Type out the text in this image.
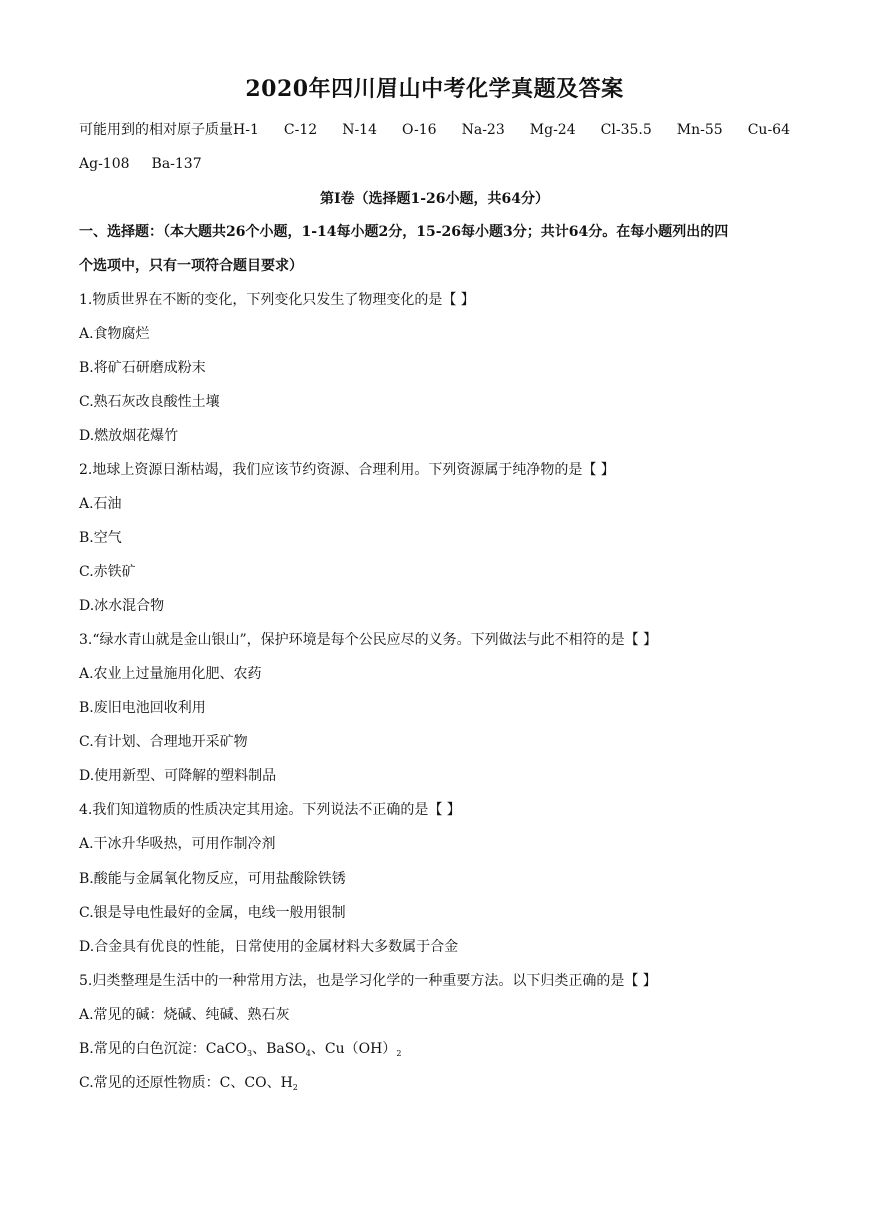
2020年四川眉山中考化学真题及答案
可能用到的相对原子质量H-1 C-12 N-14 O-16 Na-23 Mg-24 Cl-35.5 Mn-55 Cu-64
Ag-108 Ba-137
第Ⅰ卷（选择题1-26小题，共64分）
一、选择题：（本大题共26个小题，1-14每小题2分，15-26每小题3分；共计64分。在每小题列出的四
个选项中，只有一项符合题目要求）
1.物质世界在不断的变化，下列变化只发生了物理变化的是【 】
A.食物腐烂
B.将矿石研磨成粉末
C.熟石灰改良酸性土壤
D.燃放烟花爆竹
2.地球上资源日渐枯竭，我们应该节约资源、合理利用。下列资源属于纯净物的是【 】
A.石油
B.空气
C.赤铁矿
D.冰水混合物
3.“绿水青山就是金山银山”，保护环境是每个公民应尽的义务。下列做法与此不相符的是【 】
A.农业上过量施用化肥、农药
B.废旧电池回收利用
C.有计划、合理地开采矿物
D.使用新型、可降解的塑料制品
4.我们知道物质的性质决定其用途。下列说法不正确的是【 】
A.干冰升华吸热，可用作制冷剂
B.酸能与金属氧化物反应，可用盐酸除铁锈
C.银是导电性最好的金属，电线一般用银制
D.合金具有优良的性能，日常使用的金属材料大多数属于合金
5.归类整理是生活中的一种常用方法，也是学习化学的一种重要方法。以下归类正确的是【 】
A.常见的碱：烧碱、纯碱、熟石灰
B.常见的白色沉淀：CaCO$_3$、BaSO$_4$、$Cu(OH)_2$
C.常见的还原性物质：C、CO、$H_2$
